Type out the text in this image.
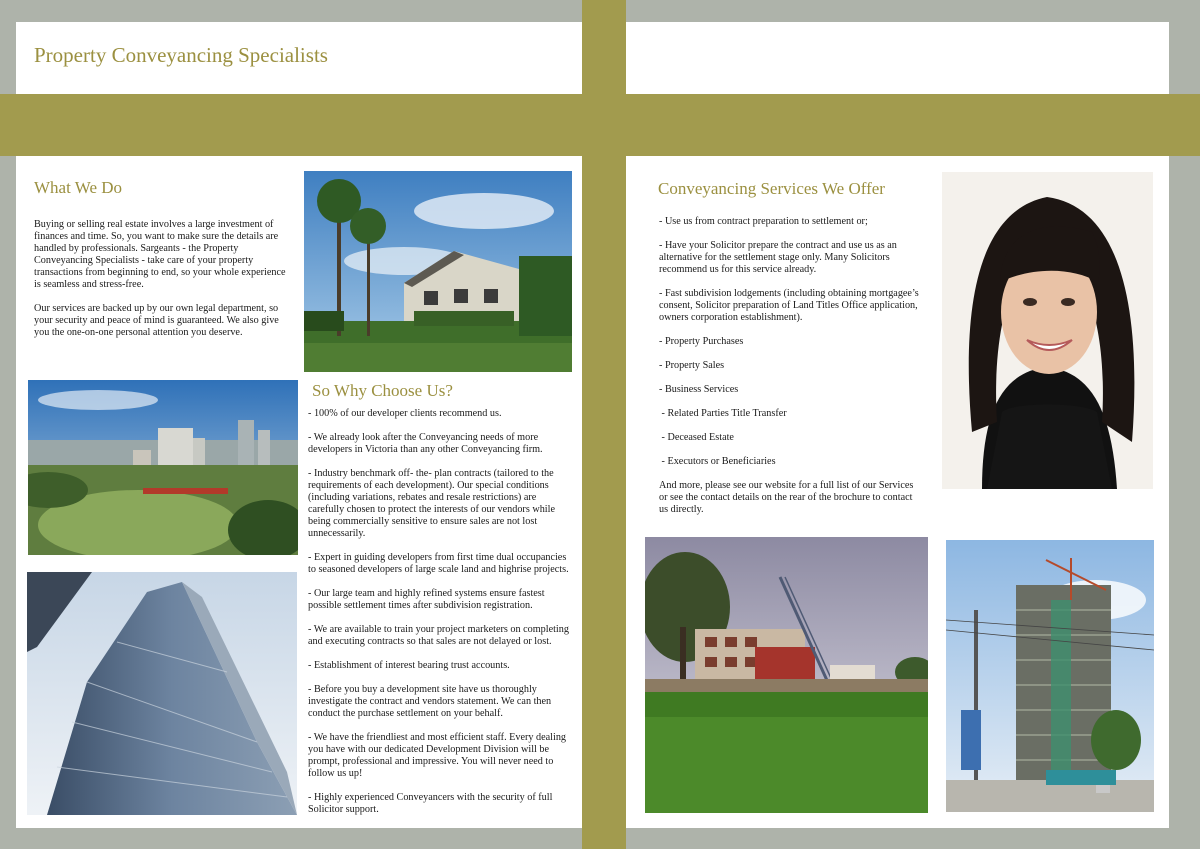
Property Conveyancing Specialists
What We Do

Buying or selling real estate involves a large investment of finances and time. So, you want to make sure the details are handled by professionals. Sargeants - the Property Conveyancing Specialists - take care of your property transactions from beginning to end, so your whole experience is seamless and stress-free.

Our services are backed up by our own legal department, so your security and peace of mind is guaranteed. We also give you the one-on-one personal attention you deserve.

So Why Choose Us?

- 100% of our developer clients recommend us.

- We already look after the Conveyancing needs of more developers in Victoria than any other Conveyancing firm.

- Industry benchmark off- the- plan contracts (tailored to the requirements of each development). Our special conditions (including variations, rebates and resale restrictions) are carefully chosen to protect the interests of our vendors while being commercially sensitive to ensure sales are not lost unnecessarily.

- Expert in guiding developers from first time dual occupancies to seasoned developers of large scale land and highrise projects.

- Our large team and highly refined systems ensure fastest possible settlement times after subdivision registration.

- We are available to train your project marketers on completing and executing contracts so that sales are not delayed or lost.

- Establishment of interest bearing trust accounts.

- Before you buy a development site have us thoroughly investigate the contract and vendors statement. We can then conduct the purchase settlement on your behalf.

- We have the friendliest and most efficient staff. Every dealing you have with our dedicated Development Division will be prompt, professional and impressive. You will never need to follow us up!

- Highly experienced Conveyancers with the security of full Solicitor support.

Conveyancing Services We Offer

- Use us from contract preparation to settlement or;

- Have your Solicitor prepare the contract and use us as an alternative for the settlement stage only. Many Solicitors recommend us for this service already.

- Fast subdivision lodgements (including obtaining mortgagee’s consent, Solicitor preparation of Land Titles Office application, owners corporation establishment).

- Property Purchases

- Property Sales

- Business Services

- Related Parties Title Transfer

- Deceased Estate

- Executors or Beneficiaries

And more, please see our website for a full list of our Services or see the contact details on the rear of the brochure to contact us directly.
